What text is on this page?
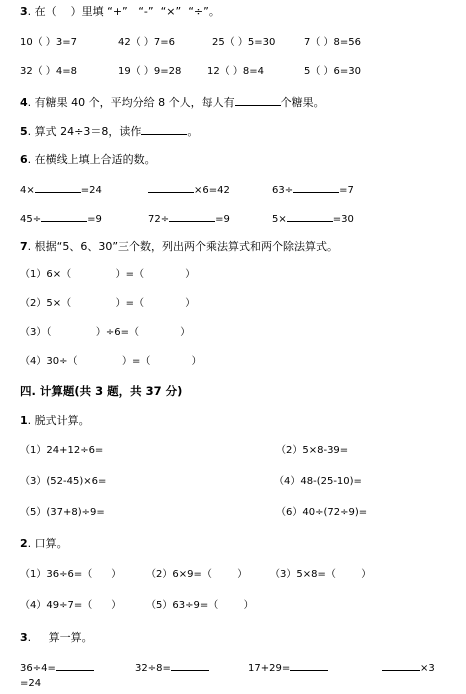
3. 在（    ）里填 “+”   “-”  “×”  “÷”。
10（ ）3=7	42（ ）7=6	25（ ）5=30	7（ ）8=56
32（ ）4=8	19（ ）9=28	12（ ）8=4	5（ ）6=30
4. 有糖果 40 个，平均分给 8 个人，每人有	个糖果。
5. 算式 24÷3＝8，读作	。
6. 在横线上填上合适的数。
4×	=24	×6=42	63÷	=7
45÷	=9	72÷	=9	5×	=30
7. 根据“5、6、30”三个数，列出两个乘法算式和两个除法算式。
（1）6×（              ）=（             ）
（2）5×（              ）=（             ）
（3）（              ）÷6=（             ）
（4）30÷（              ）=（             ）
四. 计算题(共 3 题，共 37 分)
1. 脱式计算。
（1）24+12÷6=	（2）5×8-39=
（3）(52-45)×6=	（4）48-(25-10)=
（5）(37+8)÷9=	（6）40÷(72÷9)=
2. 口算。
（1）36÷6=（      ） （2）6×9=（        ） （3）5×8=（        ）
（4）49÷7=（      ） （5）63÷9=（        ）
3.     算一算。
36÷4=	32÷8=	17+29=	×3
=24
